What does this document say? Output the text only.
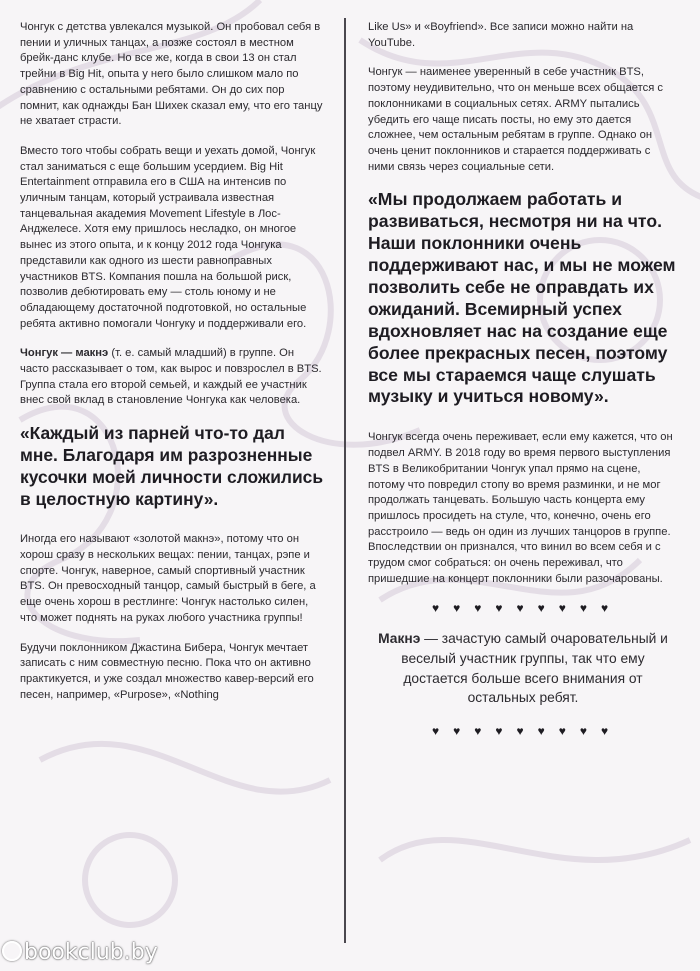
Чонгук с детства увлекался музыкой. Он пробовал себя в пении и уличных танцах, а позже состоял в местном брейк-данс клубе. Но все же, когда в свои 13 он стал трейни в Big Hit, опыта у него было слишком мало по сравнению с остальными ребятами. Он до сих пор помнит, как однажды Бан Шихек сказал ему, что его танцу не хватает страсти.

Вместо того чтобы собрать вещи и уехать домой, Чонгук стал заниматься с еще большим усердием. Big Hit Entertainment отправила его в США на интенсив по уличным танцам, который устраивала известная танцевальная академия Movement Lifestyle в Лос-Анджелесе. Хотя ему пришлось несладко, он многое вынес из этого опыта, и к концу 2012 года Чонгука представили как одного из шести равноправных участников BTS. Компания пошла на большой риск, позволив дебютировать ему — столь юному и не обладающему достаточной подготовкой, но остальные ребята активно помогали Чонгуку и поддерживали его.

Чонгук — макнэ (т. е. самый младший) в группе. Он часто рассказывает о том, как вырос и повзрослел в BTS. Группа стала его второй семьей, и каждый ее участник внес свой вклад в становление Чонгука как человека.

«Каждый из парней что-то дал мне. Благодаря им разрозненные кусочки моей личности сложились в целостную картину».

Иногда его называют «золотой макнэ», потому что он хорош сразу в нескольких вещах: пении, танцах, рэпе и спорте. Чонгук, наверное, самый спортивный участник BTS. Он превосходный танцор, самый быстрый в беге, а еще очень хорош в рестлинге: Чонгук настолько силен, что может поднять на руках любого участника группы!

Будучи поклонником Джастина Бибера, Чонгук мечтает записать с ним совместную песню. Пока что он активно практикуется, и уже создал множество кавер-версий его песен, например, «Purpose», «Nothing

Like Us» и «Boyfriend». Все записи можно найти на YouTube.

Чонгук — наименее уверенный в себе участник BTS, поэтому неудивительно, что он меньше всех общается с поклонниками в социальных сетях. ARMY пытались убедить его чаще писать посты, но ему это дается сложнее, чем остальным ребятам в группе. Однако он очень ценит поклонников и старается поддерживать с ними связь через социальные сети.

«Мы продолжаем работать и развиваться, несмотря ни на что. Наши поклонники очень поддерживают нас, и мы не можем позволить себе не оправдать их ожиданий. Всемирный успех вдохновляет нас на создание еще более прекрасных песен, поэтому все мы стараемся чаще слушать музыку и учиться новому».

Чонгук всегда очень переживает, если ему кажется, что он подвел ARMY. В 2018 году во время первого выступления BTS в Великобритании Чонгук упал прямо на сцене, потому что повредил стопу во время разминки, и не мог продолжать танцевать. Большую часть концерта ему пришлось просидеть на стуле, что, конечно, очень его расстроило — ведь он один из лучших танцоров в группе. Впоследствии он признался, что винил во всем себя и с трудом смог собраться: он очень переживал, что пришедшие на концерт поклонники были разочарованы.

♥♥♥♥♥♥♥♥♥

Макнэ — зачастую самый очаровательный и веселый участник группы, так что ему достается больше всего внимания от остальных ребят.

♥♥♥♥♥♥♥♥♥
bookclub.by
